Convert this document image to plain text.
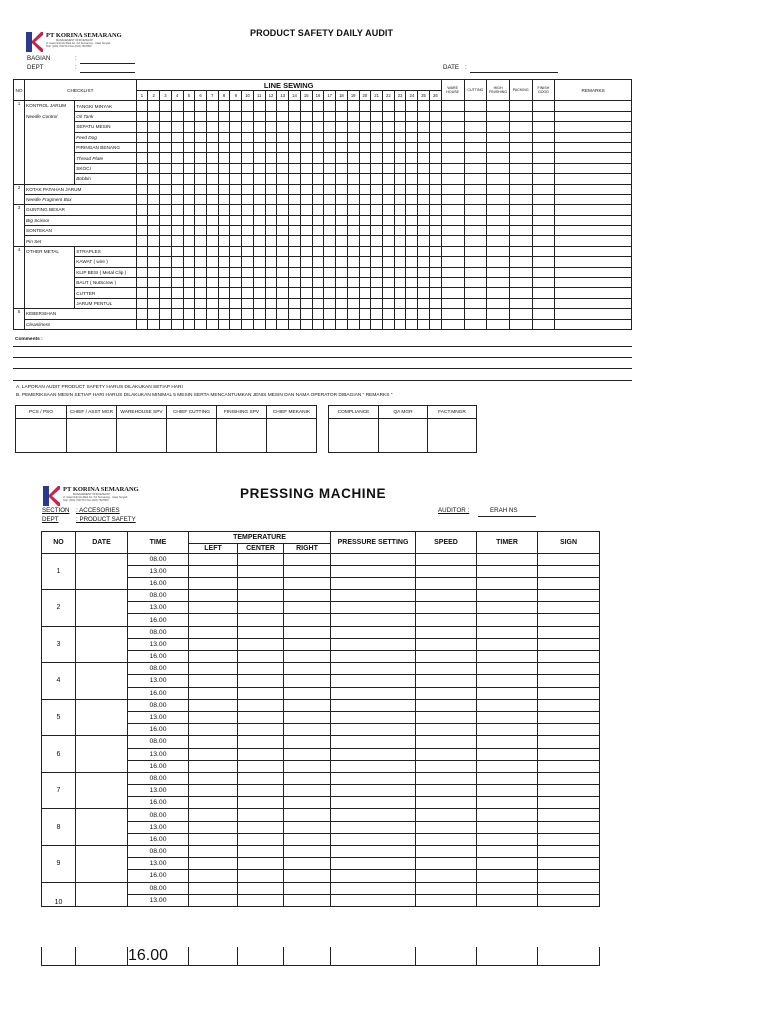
PT KORINA SEMARANG
MANAGEMENT OFFICE/SHOP
Jl. Gatot Subroto Blok A2 / 10 Semarang - Jawa Tengah
Telp. (024) 7607711 Fax (024) 7607800
PRODUCT SAFETY DAILY AUDIT
BAGIAN	:
DEPT	:	DATE :
NO	CHECKLIST		LINE SEWING																										WARE HOUSE	CUTTING	HIGH FINISHING	PACKING	FINISH GOOD	REMARKS
			1	2	3	4	5	6	7	8	9	10	11	12	13	14	15	16	17	18	19	20	21	22	23	24	25	26						
1	KONTROL JARUM
Needle Control	TANGKI MINYAK																																
		Oil Tank																																
		SEPATU MESIN																																
		Feed Dog																																
		PIRINGAN BENANG																																
		Thread Plate																																
		SKOCI																																
		Bobbin																																
2	KOTAK PATAHAN JARUM																																	
	Needle Fragment Box																																	
3	GUNTING BESAR																																	
	Big Scissor																																	
	SONTEKAN																																	
	Pin Set																																	
4	OTHER METAL	STRAPLES																																
		KAWAT ( wire )																																
		KLIP BESI ( Metal Clip )																																
		BAUT ( NutScrew )																																
		CUTTER																																
		JARUM PENTUL																																
5	KEBERSIHAN																																	
	Cleanliness																																	
Comments :
A. LAPORAN AUDIT PRODUCT SAFETY HARUS DILAKUKAN SETIAP HARI
B. PEMERIKSAAN MESIN SETIAP HARI HARUS DILAKUKAN MINIMAL 5 MESIN SERTA MENCANTUMKAN JENIS MESIN DAN NAMA OPERATOR DIBAGIAN " REMARKS "
PCS / PSO	CHIEF / ASST MGR	WAREHOUSE SPV	CHIEF CUTTING	FINISHING SPV	CHIEF MEKANIK
						COMPLIANCE	QA MGR	FACT.MNGR

PT KORINA SEMARANG
MANAGEMENT OFFICE/SHOP
Jl. Gatot Subroto Blok A2 / 10 Semarang - Jawa Tengah
Telp. (024) 7607711 Fax (024) 7607800	PRESSING MACHINE
SECTION : ACCESORIES
DEPT	: PRODUCT SAFETY
AUDITOR :	ERAH NS
NO	DATE	TIME	TEMPERATURE			PRESSURE SETTING	SPEED	TIMER	SIGN
			LEFT	CENTER	RIGHT				
1		08.00							
		13.00							
		16.00							
2		08.00							
		13.00							
		16.00							
3		08.00							
		13.00							
		16.00							
4		08.00							
		13.00							
		16.00							
5		08.00							
		13.00							
		16.00							
6		08.00							
		13.00							
		16.00							
7		08.00							
		13.00							
		16.00							
8		08.00							
		13.00							
		16.00							
9		08.00							
		13.00							
		16.00							
10		08.00							
		13.00							
		16.00							
